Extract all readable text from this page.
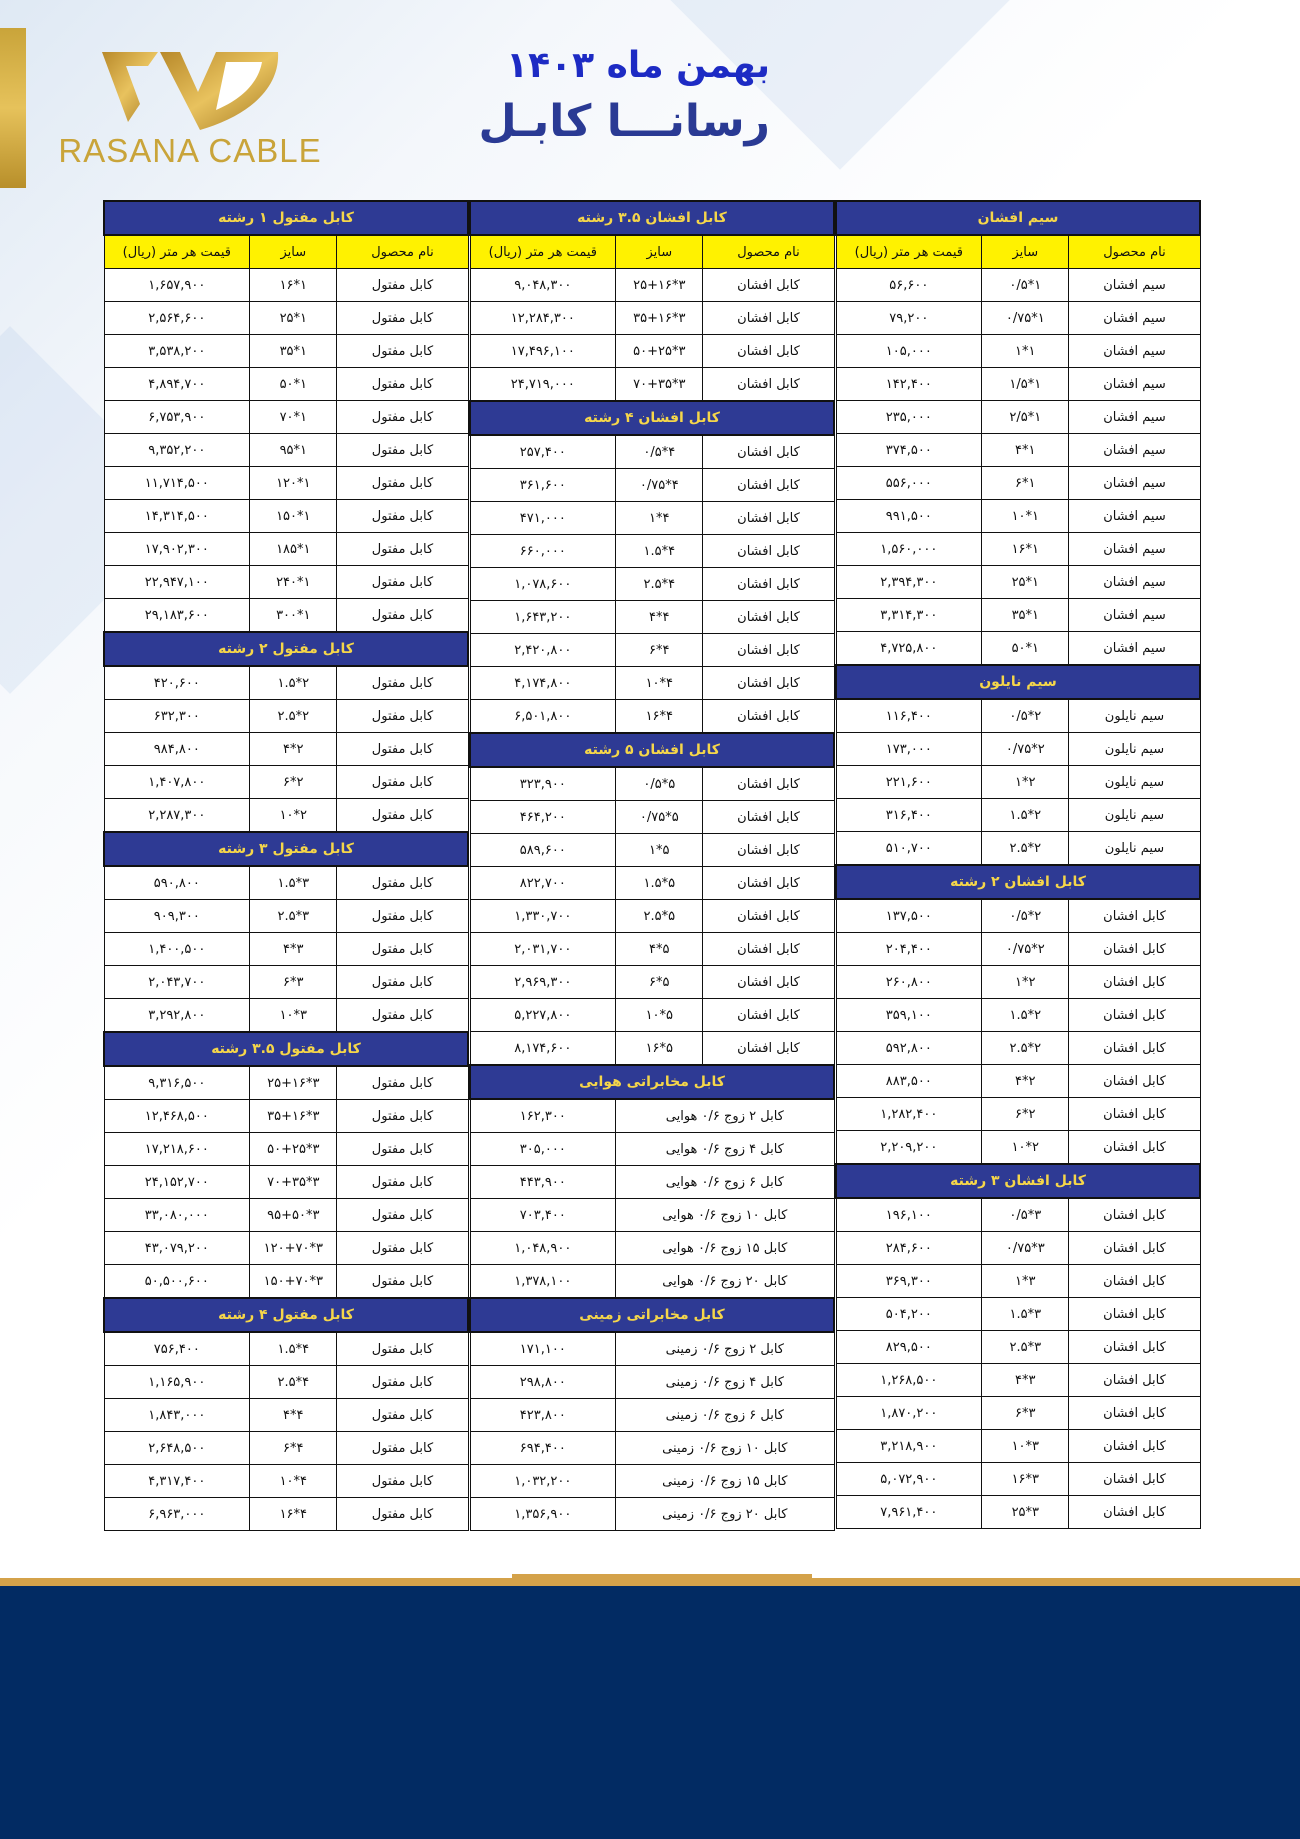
RASANA CABLE
بهمن ماه ۱۴۰۳
رسانـــا کابـل
سیم افشان		
نام محصول	سایز	قیمت هر متر (ریال)
سیم افشان	۱*۰/۵	۵۶,۶۰۰
سیم افشان	۱*۰/۷۵	۷۹,۲۰۰
سیم افشان	۱*۱	۱۰۵,۰۰۰
سیم افشان	۱*۱/۵	۱۴۲,۴۰۰
سیم افشان	۱*۲/۵	۲۳۵,۰۰۰
سیم افشان	۱*۴	۳۷۴,۵۰۰
سیم افشان	۱*۶	۵۵۶,۰۰۰
سیم افشان	۱*۱۰	۹۹۱,۵۰۰
سیم افشان	۱*۱۶	۱,۵۶۰,۰۰۰
سیم افشان	۱*۲۵	۲,۳۹۴,۳۰۰
سیم افشان	۱*۳۵	۳,۳۱۴,۳۰۰
سیم افشان	۱*۵۰	۴,۷۲۵,۸۰۰
سیم نایلون		
سیم نایلون	۲*۰/۵	۱۱۶,۴۰۰
سیم نایلون	۲*۰/۷۵	۱۷۳,۰۰۰
سیم نایلون	۲*۱	۲۲۱,۶۰۰
سیم نایلون	۲*۱.۵	۳۱۶,۴۰۰
سیم نایلون	۲*۲.۵	۵۱۰,۷۰۰
کابل افشان ۲ رشته		
کابل افشان	۲*۰/۵	۱۳۷,۵۰۰
کابل افشان	۲*۰/۷۵	۲۰۴,۴۰۰
کابل افشان	۲*۱	۲۶۰,۸۰۰
کابل افشان	۲*۱.۵	۳۵۹,۱۰۰
کابل افشان	۲*۲.۵	۵۹۲,۸۰۰
کابل افشان	۲*۴	۸۸۳,۵۰۰
کابل افشان	۲*۶	۱,۲۸۲,۴۰۰
کابل افشان	۲*۱۰	۲,۲۰۹,۲۰۰
کابل افشان ۳ رشته		
کابل افشان	۳*۰/۵	۱۹۶,۱۰۰
کابل افشان	۳*۰/۷۵	۲۸۴,۶۰۰
کابل افشان	۳*۱	۳۶۹,۳۰۰
کابل افشان	۳*۱.۵	۵۰۴,۲۰۰
کابل افشان	۳*۲.۵	۸۲۹,۵۰۰
کابل افشان	۳*۴	۱,۲۶۸,۵۰۰
کابل افشان	۳*۶	۱,۸۷۰,۲۰۰
کابل افشان	۳*۱۰	۳,۲۱۸,۹۰۰
کابل افشان	۳*۱۶	۵,۰۷۲,۹۰۰
کابل افشان	۳*۲۵	۷,۹۶۱,۴۰۰
کابل افشان ۳.۵ رشته		
نام محصول	سایز	قیمت هر متر (ریال)
کابل افشان	۳*۲۵+۱۶	۹,۰۴۸,۳۰۰
کابل افشان	۳*۳۵+۱۶	۱۲,۲۸۴,۳۰۰
کابل افشان	۳*۵۰+۲۵	۱۷,۴۹۶,۱۰۰
کابل افشان	۳*۷۰+۳۵	۲۴,۷۱۹,۰۰۰
کابل افشان ۴ رشته		
کابل افشان	۴*۰/۵	۲۵۷,۴۰۰
کابل افشان	۴*۰/۷۵	۳۶۱,۶۰۰
کابل افشان	۴*۱	۴۷۱,۰۰۰
کابل افشان	۴*۱.۵	۶۶۰,۰۰۰
کابل افشان	۴*۲.۵	۱,۰۷۸,۶۰۰
کابل افشان	۴*۴	۱,۶۴۳,۲۰۰
کابل افشان	۴*۶	۲,۴۲۰,۸۰۰
کابل افشان	۴*۱۰	۴,۱۷۴,۸۰۰
کابل افشان	۴*۱۶	۶,۵۰۱,۸۰۰
کابل افشان ۵ رشته		
کابل افشان	۵*۰/۵	۳۲۳,۹۰۰
کابل افشان	۵*۰/۷۵	۴۶۴,۲۰۰
کابل افشان	۵*۱	۵۸۹,۶۰۰
کابل افشان	۵*۱.۵	۸۲۲,۷۰۰
کابل افشان	۵*۲.۵	۱,۳۳۰,۷۰۰
کابل افشان	۵*۴	۲,۰۳۱,۷۰۰
کابل افشان	۵*۶	۲,۹۶۹,۳۰۰
کابل افشان	۵*۱۰	۵,۲۲۷,۸۰۰
کابل افشان	۵*۱۶	۸,۱۷۴,۶۰۰
کابل مخابراتی هوایی		
کابل ۲ زوج ۰/۶ هوایی		۱۶۲,۳۰۰
کابل ۴ زوج ۰/۶ هوایی		۳۰۵,۰۰۰
کابل ۶ زوج ۰/۶ هوایی		۴۴۳,۹۰۰
کابل ۱۰ زوج ۰/۶ هوایی		۷۰۳,۴۰۰
کابل ۱۵ زوج ۰/۶ هوایی		۱,۰۴۸,۹۰۰
کابل ۲۰ زوج ۰/۶ هوایی		۱,۳۷۸,۱۰۰
کابل مخابراتی زمینی		
کابل ۲ زوج ۰/۶ زمینی		۱۷۱,۱۰۰
کابل ۴ زوج ۰/۶ زمینی		۲۹۸,۸۰۰
کابل ۶ زوج ۰/۶ زمینی		۴۲۳,۸۰۰
کابل ۱۰ زوج ۰/۶ زمینی		۶۹۴,۴۰۰
کابل ۱۵ زوج ۰/۶ زمینی		۱,۰۳۲,۲۰۰
کابل ۲۰ زوج ۰/۶ زمینی		۱,۳۵۶,۹۰۰
کابل مفتول ۱ رشته		
نام محصول	سایز	قیمت هر متر (ریال)
کابل مفتول	۱*۱۶	۱,۶۵۷,۹۰۰
کابل مفتول	۱*۲۵	۲,۵۶۴,۶۰۰
کابل مفتول	۱*۳۵	۳,۵۳۸,۲۰۰
کابل مفتول	۱*۵۰	۴,۸۹۴,۷۰۰
کابل مفتول	۱*۷۰	۶,۷۵۳,۹۰۰
کابل مفتول	۱*۹۵	۹,۳۵۲,۲۰۰
کابل مفتول	۱*۱۲۰	۱۱,۷۱۴,۵۰۰
کابل مفتول	۱*۱۵۰	۱۴,۳۱۴,۵۰۰
کابل مفتول	۱*۱۸۵	۱۷,۹۰۲,۳۰۰
کابل مفتول	۱*۲۴۰	۲۲,۹۴۷,۱۰۰
کابل مفتول	۱*۳۰۰	۲۹,۱۸۳,۶۰۰
کابل مفتول ۲ رشته		
کابل مفتول	۲*۱.۵	۴۲۰,۶۰۰
کابل مفتول	۲*۲.۵	۶۳۲,۳۰۰
کابل مفتول	۲*۴	۹۸۴,۸۰۰
کابل مفتول	۲*۶	۱,۴۰۷,۸۰۰
کابل مفتول	۲*۱۰	۲,۲۸۷,۳۰۰
کابل مفتول ۳ رشته		
کابل مفتول	۳*۱.۵	۵۹۰,۸۰۰
کابل مفتول	۳*۲.۵	۹۰۹,۳۰۰
کابل مفتول	۳*۴	۱,۴۰۰,۵۰۰
کابل مفتول	۳*۶	۲,۰۴۳,۷۰۰
کابل مفتول	۳*۱۰	۳,۲۹۲,۸۰۰
کابل مفتول ۳.۵ رشته		
کابل مفتول	۳*۲۵+۱۶	۹,۳۱۶,۵۰۰
کابل مفتول	۳*۳۵+۱۶	۱۲,۴۶۸,۵۰۰
کابل مفتول	۳*۵۰+۲۵	۱۷,۲۱۸,۶۰۰
کابل مفتول	۳*۷۰+۳۵	۲۴,۱۵۲,۷۰۰
کابل مفتول	۳*۹۵+۵۰	۳۳,۰۸۰,۰۰۰
کابل مفتول	۳*۱۲۰+۷۰	۴۳,۰۷۹,۲۰۰
کابل مفتول	۳*۱۵۰+۷۰	۵۰,۵۰۰,۶۰۰
کابل مفتول ۴ رشته		
کابل مفتول	۴*۱.۵	۷۵۶,۴۰۰
کابل مفتول	۴*۲.۵	۱,۱۶۵,۹۰۰
کابل مفتول	۴*۴	۱,۸۴۳,۰۰۰
کابل مفتول	۴*۶	۲,۶۴۸,۵۰۰
کابل مفتول	۴*۱۰	۴,۳۱۷,۴۰۰
کابل مفتول	۴*۱۶	۶,۹۶۳,۰۰۰
